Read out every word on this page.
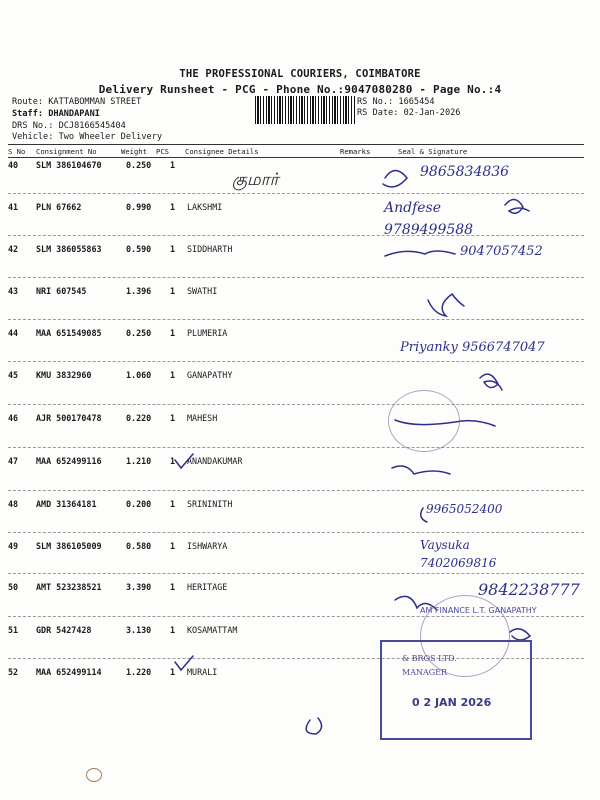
THE PROFESSIONAL COURIERS, COIMBATORE
Delivery Runsheet - PCG - Phone No.:9047080280 - Page No.:4
Route: KATTABOMMAN STREET
Staff: DHANDAPANI
DRS No.: DCJ8166545404
Vehicle: Two Wheeler Delivery
RS No.: 1665454
RS Date: 02-Jan-2026
S No Consignment No	Weight PCS Consignee Details	Remarks	Seal & Signature
40 SLM 386104670	0.250 1
41 PLN 67662	0.990 1 LAKSHMI
42 SLM 386055863	0.590 1 SIDDHARTH
43 NRI 607545	1.396 1 SWATHI
44 MAA 651549085	0.250 1 PLUMERIA
45 KMU 3832960	1.060 1 GANAPATHY
46 AJR 500170478	0.220 1 MAHESH
47 MAA 652499116	1.210 1 ANANDAKUMAR
48 AMD 31364181	0.200 1 SRININITH
49 SLM 386105009	0.580 1 ISHWARYA
50 AMT 523238521	3.390 1 HERITAGE
51 GDR 5427428	3.130 1 KOSAMATTAM
52 MAA 652499114	1.220 1 MURALI
குமார்	9865834836
Andfese
9789499588
9047057452
Priyanky 9566747047
9965052400
Vaysuka
7402069816
9842238777
AM FINANCE L.T. GANAPATHY
& BROS LTD.
MANAGER
0 2 JAN 2026
